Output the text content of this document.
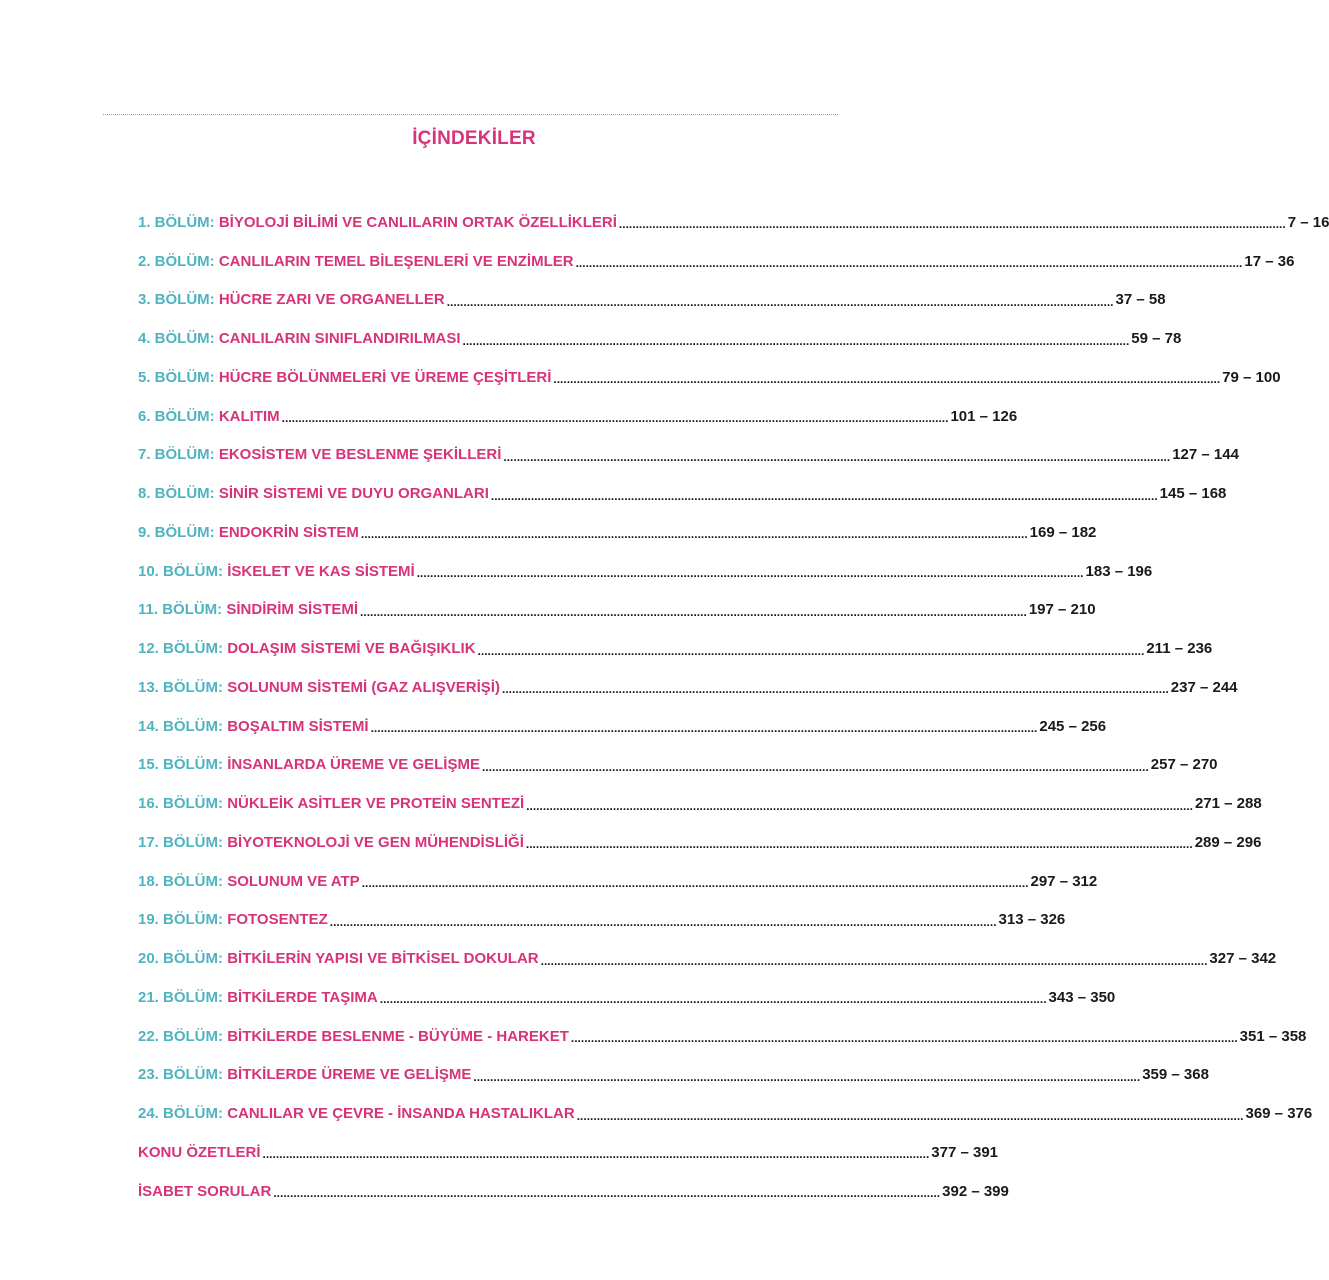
İÇİNDEKİLER
1. BÖLÜM:
BİYOLOJİ BİLİMİ VE CANLILARIN ORTAK ÖZELLİKLERİ ........................................................................................................................................................................................................ 7 – 16
2. BÖLÜM:
CANLILARIN TEMEL BİLEŞENLERİ VE ENZİMLER ........................................................................................................................................................................................................ 17 – 36
3. BÖLÜM:
HÜCRE ZARI VE ORGANELLER ........................................................................................................................................................................................................ 37 – 58
4. BÖLÜM:
CANLILARIN SINIFLANDIRILMASI ........................................................................................................................................................................................................ 59 – 78
5. BÖLÜM:
HÜCRE BÖLÜNMELERİ VE ÜREME ÇEŞİTLERİ ........................................................................................................................................................................................................ 79 – 100
6. BÖLÜM:
KALITIM ........................................................................................................................................................................................................ 101 – 126
7. BÖLÜM:
EKOSİSTEM VE BESLENME ŞEKİLLERİ ........................................................................................................................................................................................................ 127 – 144
8. BÖLÜM:
SİNİR SİSTEMİ VE DUYU ORGANLARI ........................................................................................................................................................................................................ 145 – 168
9. BÖLÜM:
ENDOKRİN SİSTEM ........................................................................................................................................................................................................ 169 – 182
10. BÖLÜM:
İSKELET VE KAS SİSTEMİ ........................................................................................................................................................................................................ 183 – 196
11. BÖLÜM:
SİNDİRİM SİSTEMİ ........................................................................................................................................................................................................ 197 – 210
12. BÖLÜM:
DOLAŞIM SİSTEMİ VE BAĞIŞIKLIK ........................................................................................................................................................................................................ 211 – 236
13. BÖLÜM:
SOLUNUM SİSTEMİ (GAZ ALIŞVERİŞİ) ........................................................................................................................................................................................................ 237 – 244
14. BÖLÜM:
BOŞALTIM SİSTEMİ ........................................................................................................................................................................................................ 245 – 256
15. BÖLÜM:
İNSANLARDA ÜREME VE GELİŞME ........................................................................................................................................................................................................ 257 – 270
16. BÖLÜM:
NÜKLEİK ASİTLER VE PROTEİN SENTEZİ ........................................................................................................................................................................................................ 271 – 288
17. BÖLÜM:
BİYOTEKNOLOJİ VE GEN MÜHENDİSLİĞİ ........................................................................................................................................................................................................ 289 – 296
18. BÖLÜM:
SOLUNUM VE ATP ........................................................................................................................................................................................................ 297 – 312
19. BÖLÜM:
FOTOSENTEZ ........................................................................................................................................................................................................ 313 – 326
20. BÖLÜM:
BİTKİLERİN YAPISI VE BİTKİSEL DOKULAR ........................................................................................................................................................................................................ 327 – 342
21. BÖLÜM:
BİTKİLERDE TAŞIMA ........................................................................................................................................................................................................ 343 – 350
22. BÖLÜM:
BİTKİLERDE BESLENME - BÜYÜME - HAREKET ........................................................................................................................................................................................................ 351 – 358
23. BÖLÜM:
BİTKİLERDE ÜREME VE GELİŞME ........................................................................................................................................................................................................ 359 – 368
24. BÖLÜM:
CANLILAR VE ÇEVRE - İNSANDA HASTALIKLAR ........................................................................................................................................................................................................ 369 – 376
KONU ÖZETLERİ ........................................................................................................................................................................................................ 377 – 391
İSABET SORULAR ........................................................................................................................................................................................................ 392 – 399
